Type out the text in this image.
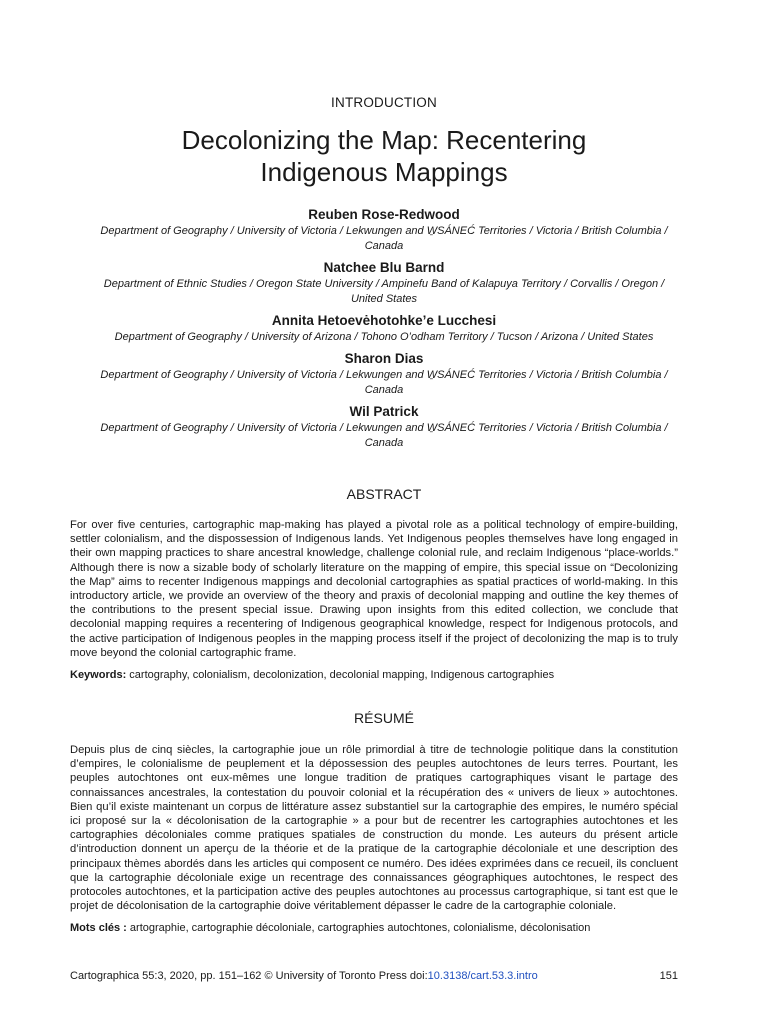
INTRODUCTION
Decolonizing the Map: Recentering
Indigenous Mappings
Reuben Rose-Redwood
Department of Geography / University of Victoria / Lekwungen and W̱SÁNEĆ Territories / Victoria / British Columbia /
Canada
Natchee Blu Barnd
Department of Ethnic Studies / Oregon State University / Ampinefu Band of Kalapuya Territory / Corvallis / Oregon /
United States
Annita Hetoevėhotohke’e Lucchesi
Department of Geography / University of Arizona / Tohono O’odham Territory / Tucson / Arizona / United States
Sharon Dias
Department of Geography / University of Victoria / Lekwungen and W̱SÁNEĆ Territories / Victoria / British Columbia /
Canada
Wil Patrick
Department of Geography / University of Victoria / Lekwungen and W̱SÁNEĆ Territories / Victoria / British Columbia /
Canada
ABSTRACT

For over five centuries, cartographic map-making has played a pivotal role as a political technology of empire-building, settler colonialism, and the dispossession of Indigenous lands. Yet Indigenous peoples themselves have long engaged in their own mapping practices to share ancestral knowledge, challenge colonial rule, and reclaim Indigenous “place-worlds.” Although there is now a sizable body of scholarly literature on the mapping of empire, this special issue on “Decolonizing the Map” aims to recenter Indigenous mappings and decolonial cartographies as spatial practices of world-making. In this introductory article, we provide an overview of the theory and praxis of decolonial mapping and outline the key themes of the contributions to the present special issue. Drawing upon insights from this edited collection, we conclude that decolonial mapping requires a recentering of Indigenous geographical knowledge, respect for Indigenous protocols, and the active participation of Indigenous peoples in the mapping process itself if the project of decolonizing the map is to truly move beyond the colonial cartographic frame.

Keywords: cartography, colonialism, decolonization, decolonial mapping, Indigenous cartographies
RÉSUMÉ

Depuis plus de cinq siècles, la cartographie joue un rôle primordial à titre de technologie politique dans la constitution d’empires, le colonialisme de peuplement et la dépossession des peuples autochtones de leurs terres. Pourtant, les peuples autochtones ont eux-mêmes une longue tradition de pratiques cartographiques visant le partage des connaissances ancestrales, la contestation du pouvoir colonial et la récupération des « univers de lieux » autochtones. Bien qu’il existe maintenant un corpus de littérature assez substantiel sur la cartographie des empires, le numéro spécial ici proposé sur la « décolonisation de la cartographie » a pour but de recentrer les cartographies autochtones et les cartographies décoloniales comme pratiques spatiales de construction du monde. Les auteurs du présent article d’introduction donnent un aperçu de la théorie et de la pratique de la cartographie décoloniale et une description des principaux thèmes abordés dans les articles qui composent ce numéro. Des idées exprimées dans ce recueil, ils concluent que la cartographie décoloniale exige un recentrage des connaissances géographiques autochtones, le respect des protocoles autochtones, et la participation active des peuples autochtones au processus cartographique, si tant est que le projet de décolonisation de la cartographie doive véritablement dépasser le cadre de la cartographie coloniale.

Mots clés : artographie, cartographie décoloniale, cartographies autochtones, colonialisme, décolonisation
Cartographica 55:3, 2020, pp. 151–162 © University of Toronto Press doi:10.3138/cart.53.3.intro	151
